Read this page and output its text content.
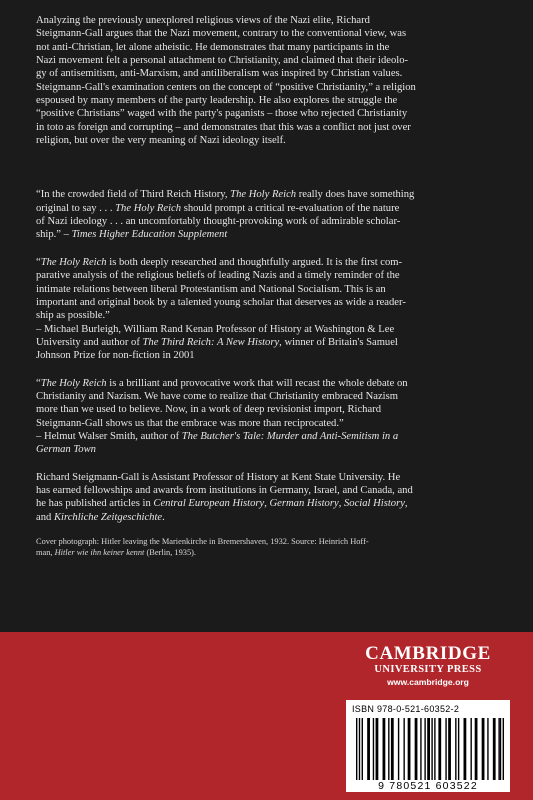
Analyzing the previously unexplored religious views of the Nazi elite, Richard

Steigmann-Gall argues that the Nazi movement, contrary to the conventional view, was

not anti-Christian, let alone atheistic. He demonstrates that many participants in the

Nazi movement felt a personal attachment to Christianity, and claimed that their ideolo-

gy of antisemitism, anti-Marxism, and antiliberalism was inspired by Christian values.

Steigmann-Gall's examination centers on the concept of “positive Christianity,” a religion

espoused by many members of the party leadership. He also explores the struggle the

“positive Christians” waged with the party's paganists – those who rejected Christianity

in toto as foreign and corrupting – and demonstrates that this was a conflict not just over

religion, but over the very meaning of Nazi ideology itself.

“In the crowded field of Third Reich History, The Holy Reich really does have something

original to say . . . The Holy Reich should prompt a critical re-evaluation of the nature

of Nazi ideology . . . an uncomfortably thought-provoking work of admirable scholar-

ship.” – Times Higher Education Supplement

“The Holy Reich is both deeply researched and thoughtfully argued. It is the first com-

parative analysis of the religious beliefs of leading Nazis and a timely reminder of the

intimate relations between liberal Protestantism and National Socialism. This is an

important and original book by a talented young scholar that deserves as wide a reader-

ship as possible.”

– Michael Burleigh, William Rand Kenan Professor of History at Washington & Lee

University and author of The Third Reich: A New History, winner of Britain's Samuel

Johnson Prize for non-fiction in 2001

“The Holy Reich is a brilliant and provocative work that will recast the whole debate on

Christianity and Nazism. We have come to realize that Christianity embraced Nazism

more than we used to believe. Now, in a work of deep revisionist import, Richard

Steigmann-Gall shows us that the embrace was more than reciprocated.”

– Helmut Walser Smith, author of The Butcher's Tale: Murder and Anti-Semitism in a

German Town

Richard Steigmann-Gall is Assistant Professor of History at Kent State University. He

has earned fellowships and awards from institutions in Germany, Israel, and Canada, and

he has published articles in Central European History, German History, Social History,

and Kirchliche Zeitgeschichte.

Cover photograph: Hitler leaving the Marienkirche in Bremershaven, 1932. Source: Heinrich Hoff-

man, Hitler wie ihn keiner kennt (Berlin, 1935).

CAMBRIDGE
UNIVERSITY PRESS
www.cambridge.org
ISBN 978-0-521-60352-2
9 780521 603522
